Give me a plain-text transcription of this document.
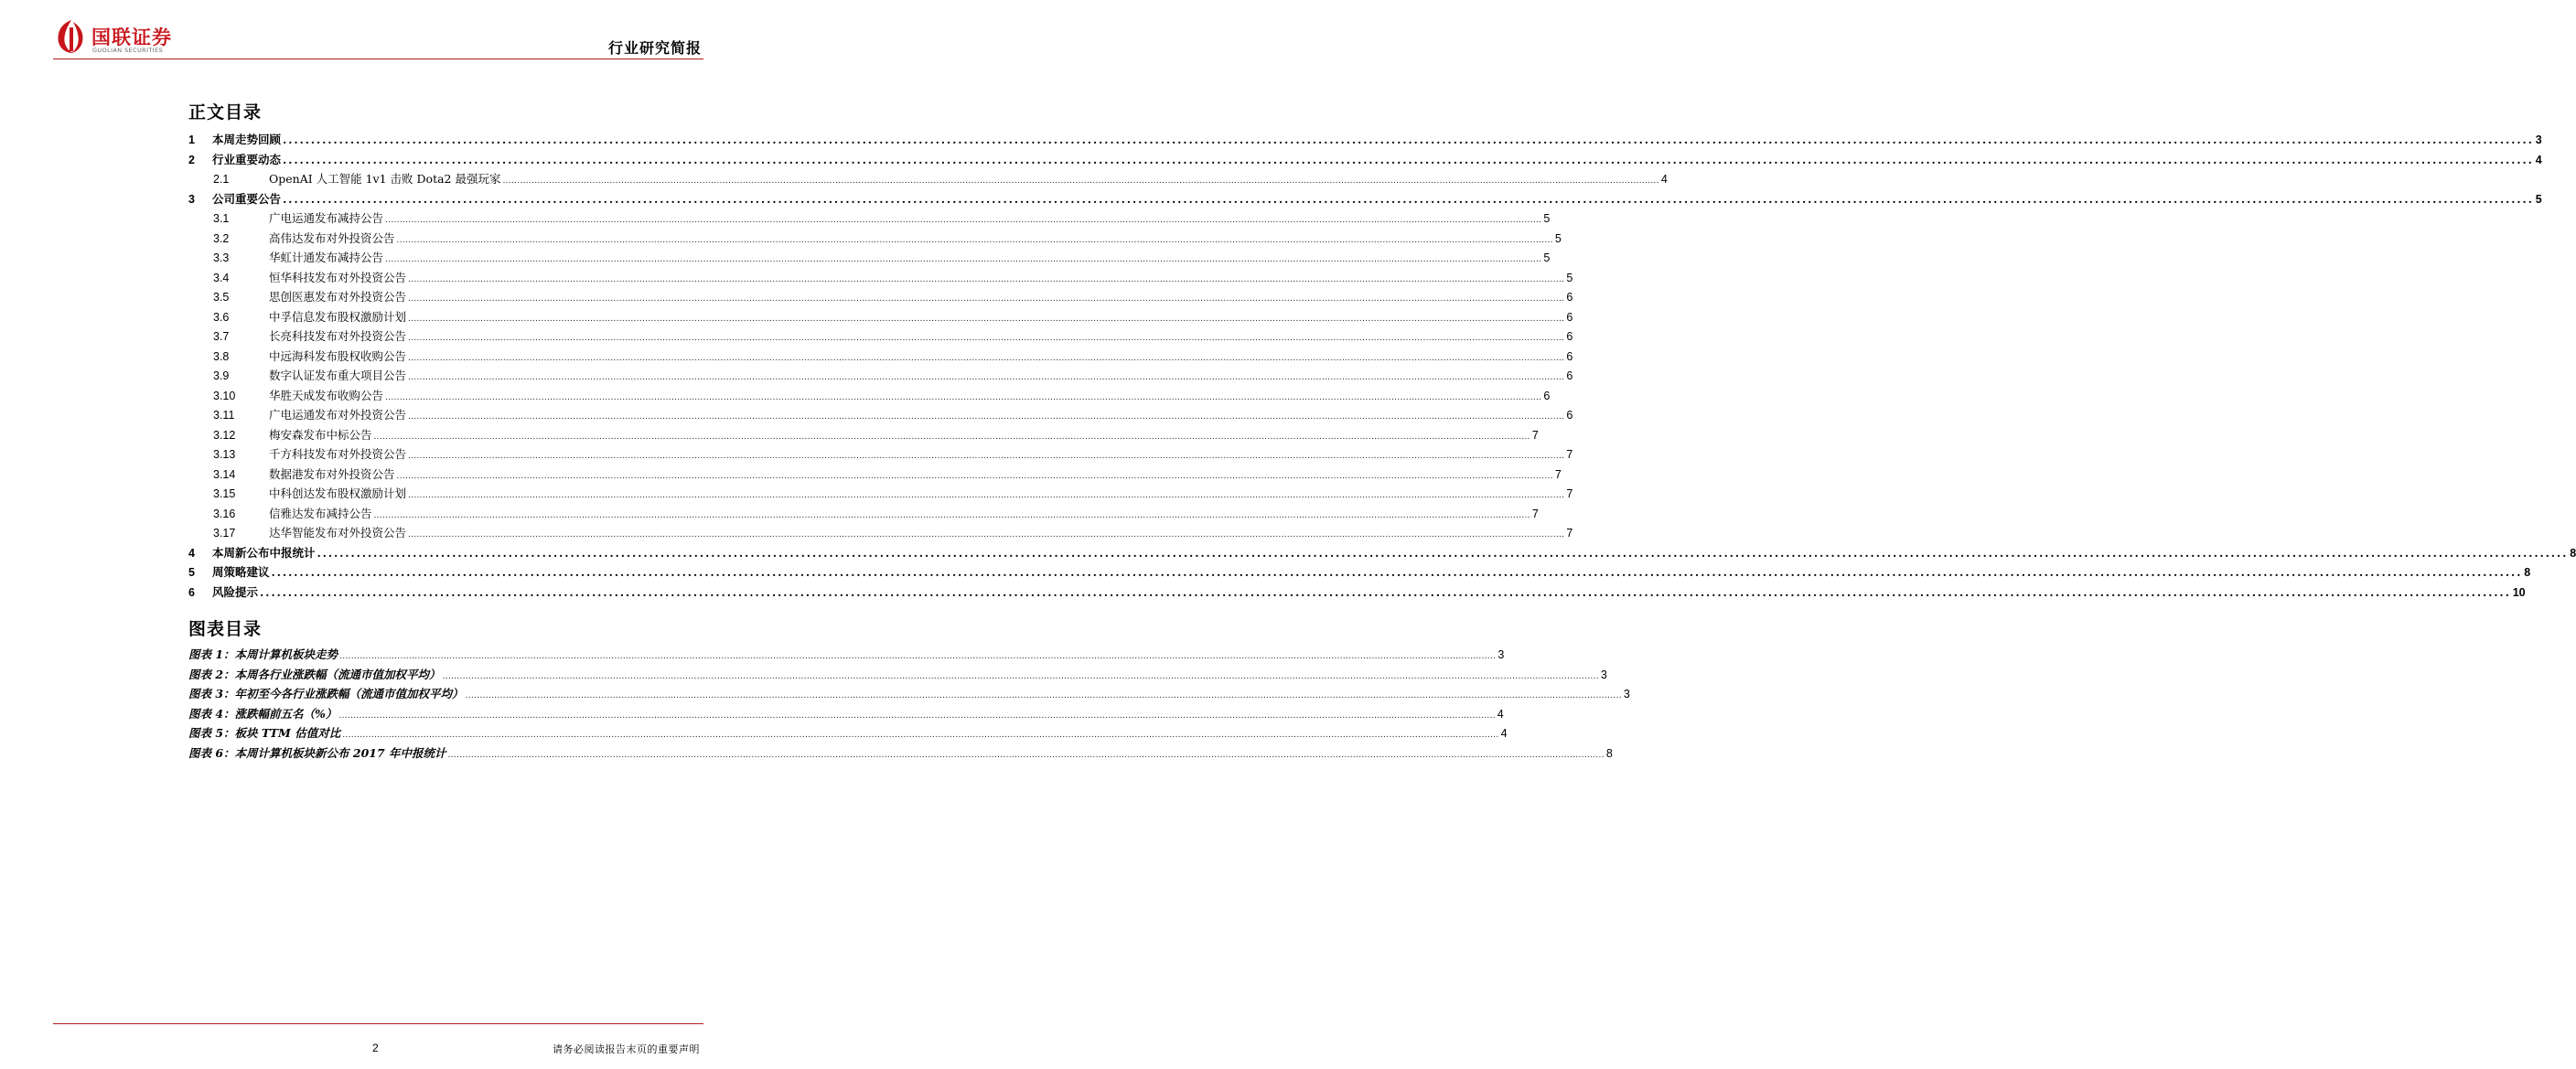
国联证券
GUOLIAN SECURITIES	行业研究简报
正文目录
1	本周走势回顾 ................................................................................................................................................................................................................................................................................................................................................................................................................ 3
2	行业重要动态 ................................................................................................................................................................................................................................................................................................................................................................................................................ 4
2.1	OpenAI 人工智能 1v1 击败 Dota2 最强玩家 ................................................................................................................................................................................................................................................................................................................................................................................................................ 4
3	公司重要公告 ................................................................................................................................................................................................................................................................................................................................................................................................................ 5
3.1	广电运通发布减持公告 ................................................................................................................................................................................................................................................................................................................................................................................................................ 5
3.2	高伟达发布对外投资公告 ................................................................................................................................................................................................................................................................................................................................................................................................................ 5
3.3	华虹计通发布减持公告 ................................................................................................................................................................................................................................................................................................................................................................................................................ 5
3.4	恒华科技发布对外投资公告 ................................................................................................................................................................................................................................................................................................................................................................................................................ 5
3.5	思创医惠发布对外投资公告 ................................................................................................................................................................................................................................................................................................................................................................................................................ 6
3.6	中孚信息发布股权激励计划 ................................................................................................................................................................................................................................................................................................................................................................................................................ 6
3.7	长亮科技发布对外投资公告 ................................................................................................................................................................................................................................................................................................................................................................................................................ 6
3.8	中远海科发布股权收购公告 ................................................................................................................................................................................................................................................................................................................................................................................................................ 6
3.9	数字认证发布重大项目公告 ................................................................................................................................................................................................................................................................................................................................................................................................................ 6
3.10	华胜天成发布收购公告 ................................................................................................................................................................................................................................................................................................................................................................................................................ 6
3.11	广电运通发布对外投资公告 ................................................................................................................................................................................................................................................................................................................................................................................................................ 6
3.12	梅安森发布中标公告 ................................................................................................................................................................................................................................................................................................................................................................................................................ 7
3.13	千方科技发布对外投资公告 ................................................................................................................................................................................................................................................................................................................................................................................................................ 7
3.14	数据港发布对外投资公告 ................................................................................................................................................................................................................................................................................................................................................................................................................ 7
3.15	中科创达发布股权激励计划 ................................................................................................................................................................................................................................................................................................................................................................................................................ 7
3.16	信雅达发布减持公告 ................................................................................................................................................................................................................................................................................................................................................................................................................ 7
3.17	达华智能发布对外投资公告 ................................................................................................................................................................................................................................................................................................................................................................................................................ 7
4	本周新公布中报统计 ................................................................................................................................................................................................................................................................................................................................................................................................................ 8
5	周策略建议 ................................................................................................................................................................................................................................................................................................................................................................................................................ 8
6	风险提示 ................................................................................................................................................................................................................................................................................................................................................................................................................ 10
图表目录
图表 1：本周计算机板块走势 ................................................................................................................................................................................................................................................................................................................................................................................................................ 3
图表 2：本周各行业涨跌幅（流通市值加权平均） ................................................................................................................................................................................................................................................................................................................................................................................................................ 3
图表 3：年初至今各行业涨跌幅（流通市值加权平均） ................................................................................................................................................................................................................................................................................................................................................................................................................ 3
图表 4：涨跌幅前五名（%） ................................................................................................................................................................................................................................................................................................................................................................................................................ 4
图表 5：板块 TTM 估值对比 ................................................................................................................................................................................................................................................................................................................................................................................................................ 4
图表 6：本周计算机板块新公布 2017 年中报统计 ................................................................................................................................................................................................................................................................................................................................................................................................................ 8
2	请务必阅读报告末页的重要声明
